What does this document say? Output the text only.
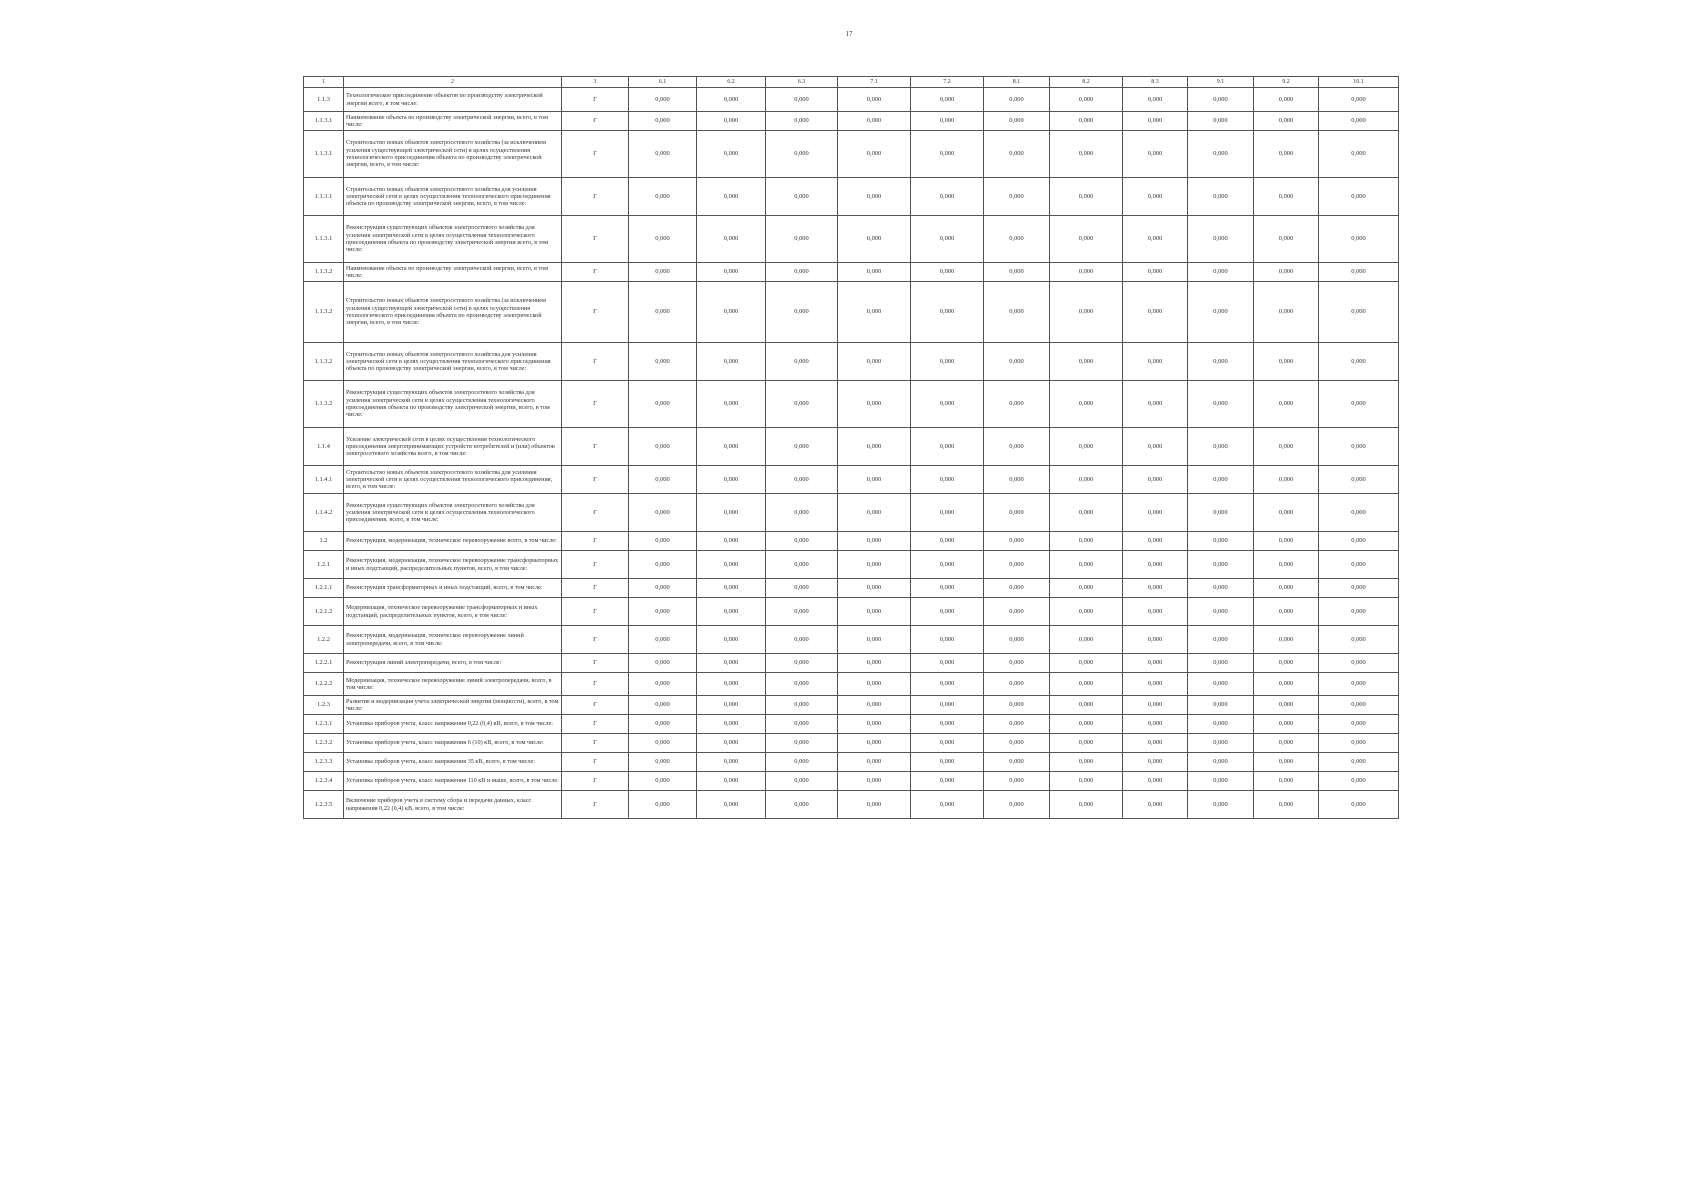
17
1	2	3	6.1	6.2	6.3	7.1	7.2	8.1	8.2	8.3	9.1	9.2	10.1
1.1.3	Технологическое присоединение объектов по производству электрической энергии всего, в том числе:	Г	0,000	0,000	0,000	0,000	0,000	0,000	0,000	0,000	0,000	0,000	0,000
1.1.3.1	Наименование объекта по производству электрической энергии, всего, в том числе:	Г	0,000	0,000	0,000	0,000	0,000	0,000	0,000	0,000	0,000	0,000	0,000
1.1.3.1	Строительство новых объектов электросетевого хозяйства (за исключением усиления существующей электрической сети) в целях осуществления технологического присоединения объекта по производству электрической энергии, всего, в том числе:	Г	0,000	0,000	0,000	0,000	0,000	0,000	0,000	0,000	0,000	0,000	0,000
1.1.3.1	Строительство новых объектов электросетевого хозяйства для усиления электрической сети в целях осуществления технологического присоединения объекта по производству электрической энергии, всего, в том числе:	Г	0,000	0,000	0,000	0,000	0,000	0,000	0,000	0,000	0,000	0,000	0,000
1.1.3.1	Реконструкция существующих объектов электросетевого хозяйства для усиления электрической сети в целях осуществления технологического присоединения объекта по производству электрической энергии всего, в том числе:	Г	0,000	0,000	0,000	0,000	0,000	0,000	0,000	0,000	0,000	0,000	0,000
1.1.3.2	Наименование объекта по производству электрической энергии, всего, в том числе:	Г	0,000	0,000	0,000	0,000	0,000	0,000	0,000	0,000	0,000	0,000	0,000
1.1.3.2	Строительство новых объектов электросетевого хозяйства (за исключением усиления существующей электрической сети) в целях осуществления технологического присоединения объекта по производству электрической энергии, всего, в том числе:	Г	0,000	0,000	0,000	0,000	0,000	0,000	0,000	0,000	0,000	0,000	0,000
1.1.3.2	Строительство новых объектов электросетевого хозяйства для усиления электрической сети в целях осуществления технологического присоединения объекта по производству электрической энергии, всего, в том числе:	Г	0,000	0,000	0,000	0,000	0,000	0,000	0,000	0,000	0,000	0,000	0,000
1.1.3.2	Реконструкция существующих объектов электросетевого хозяйства для усиления электрической сети в целях осуществления технологического присоединения объекта по производству электрической энергии, всего, в том числе:	Г	0,000	0,000	0,000	0,000	0,000	0,000	0,000	0,000	0,000	0,000	0,000
1.1.4	Усиление электрической сети в целях осуществления технологического присоединения энергопринимающих устройств потребителей и (или) объектов электросетевого хозяйства всего, в том числе:	Г	0,000	0,000	0,000	0,000	0,000	0,000	0,000	0,000	0,000	0,000	0,000
1.1.4.1	Строительство новых объектов электросетевого хозяйства для усиления электрической сети в целях осуществления технологического присоединения, всего, в том числе:	Г	0,000	0,000	0,000	0,000	0,000	0,000	0,000	0,000	0,000	0,000	0,000
1.1.4.2	Реконструкция существующих объектов электросетевого хозяйства для усиления электрической сети в целях осуществления технологического присоединения, всего, в том числе:	Г	0,000	0,000	0,000	0,000	0,000	0,000	0,000	0,000	0,000	0,000	0,000
1.2	Реконструкция, модернизация, техническое перевооружение всего, в том числе:	Г	0,000	0,000	0,000	0,000	0,000	0,000	0,000	0,000	0,000	0,000	0,000
1.2.1	Реконструкция, модернизация, техническое перевооружение трансформаторных и иных подстанций, распределительных пунктов, всего, в том числе:	Г	0,000	0,000	0,000	0,000	0,000	0,000	0,000	0,000	0,000	0,000	0,000
1.2.1.1	Реконструкция трансформаторных и иных подстанций, всего, в том числе:	Г	0,000	0,000	0,000	0,000	0,000	0,000	0,000	0,000	0,000	0,000	0,000
1.2.1.2	Модернизация, техническое перевооружение трансформаторных и иных подстанций, распределительных пунктов, всего, в том числе:	Г	0,000	0,000	0,000	0,000	0,000	0,000	0,000	0,000	0,000	0,000	0,000
1.2.2	Реконструкция, модернизация, техническое перевооружение линий электропередачи, всего, в том числе:	Г	0,000	0,000	0,000	0,000	0,000	0,000	0,000	0,000	0,000	0,000	0,000
1.2.2.1	Реконструкция линий электропередачи, всего, в том числе:	Г	0,000	0,000	0,000	0,000	0,000	0,000	0,000	0,000	0,000	0,000	0,000
1.2.2.2	Модернизация, техническое перевооружение линий электропередачи, всего, в том числе:	Г	0,000	0,000	0,000	0,000	0,000	0,000	0,000	0,000	0,000	0,000	0,000
1.2.3	Развитие и модернизация учета электрической энергии (мощности), всего, в том числе:	Г	0,000	0,000	0,000	0,000	0,000	0,000	0,000	0,000	0,000	0,000	0,000
1.2.3.1	Установка приборов учета, класс напряжения 0,22 (0,4) кВ, всего, в том числе:	Г	0,000	0,000	0,000	0,000	0,000	0,000	0,000	0,000	0,000	0,000	0,000
1.2.3.2	Установка приборов учета, класс напряжения 6 (10) кВ, всего, в том числе:	Г	0,000	0,000	0,000	0,000	0,000	0,000	0,000	0,000	0,000	0,000	0,000
1.2.3.3	Установка приборов учета, класс напряжения 35 кВ, всего, в том числе:	Г	0,000	0,000	0,000	0,000	0,000	0,000	0,000	0,000	0,000	0,000	0,000
1.2.3.4	Установка приборов учета, класс напряжения 110 кВ и выше, всего, в том числе:	Г	0,000	0,000	0,000	0,000	0,000	0,000	0,000	0,000	0,000	0,000	0,000
1.2.3.5	Включение приборов учета в систему сбора и передачи данных, класс напряжения 0,22 (0,4) кВ, всего, в том числе:	Г	0,000	0,000	0,000	0,000	0,000	0,000	0,000	0,000	0,000	0,000	0,000
